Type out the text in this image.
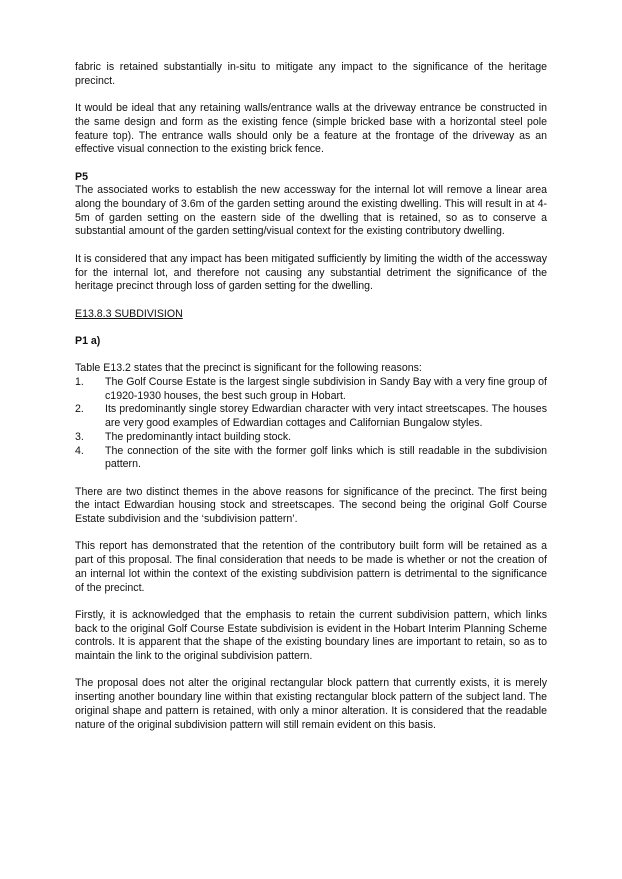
fabric is retained substantially in-situ to mitigate any impact to the significance of the heritage precinct.

It would be ideal that any retaining walls/entrance walls at the driveway entrance be constructed in the same design and form as the existing fence (simple bricked base with a horizontal steel pole feature top). The entrance walls should only be a feature at the frontage of the driveway as an effective visual connection to the existing brick fence.

P5

The associated works to establish the new accessway for the internal lot will remove a linear area along the boundary of 3.6m of the garden setting around the existing dwelling. This will result in at 4-5m of garden setting on the eastern side of the dwelling that is retained, so as to conserve a substantial amount of the garden setting/visual context for the existing contributory dwelling.

It is considered that any impact has been mitigated sufficiently by limiting the width of the accessway for the internal lot, and therefore not causing any substantial detriment the significance of the heritage precinct through loss of garden setting for the dwelling.

E13.8.3 SUBDIVISION
P1 a)

Table E13.2 states that the precinct is significant for the following reasons:

1. The Golf Course Estate is the largest single subdivision in Sandy Bay with a very fine group of c1920-1930 houses, the best such group in Hobart.
2. Its predominantly single storey Edwardian character with very intact streetscapes. The houses are very good examples of Edwardian cottages and Californian Bungalow styles.
3. The predominantly intact building stock.
4. The connection of the site with the former golf links which is still readable in the subdivision pattern.

There are two distinct themes in the above reasons for significance of the precinct. The first being the intact Edwardian housing stock and streetscapes. The second being the original Golf Course Estate subdivision and the ‘subdivision pattern’.

This report has demonstrated that the retention of the contributory built form will be retained as a part of this proposal. The final consideration that needs to be made is whether or not the creation of an internal lot within the context of the existing subdivision pattern is detrimental to the significance of the precinct.

Firstly, it is acknowledged that the emphasis to retain the current subdivision pattern, which links back to the original Golf Course Estate subdivision is evident in the Hobart Interim Planning Scheme controls. It is apparent that the shape of the existing boundary lines are important to retain, so as to maintain the link to the original subdivision pattern.

The proposal does not alter the original rectangular block pattern that currently exists, it is merely inserting another boundary line within that existing rectangular block pattern of the subject land. The original shape and pattern is retained, with only a minor alteration. It is considered that the readable nature of the original subdivision pattern will still remain evident on this basis.
